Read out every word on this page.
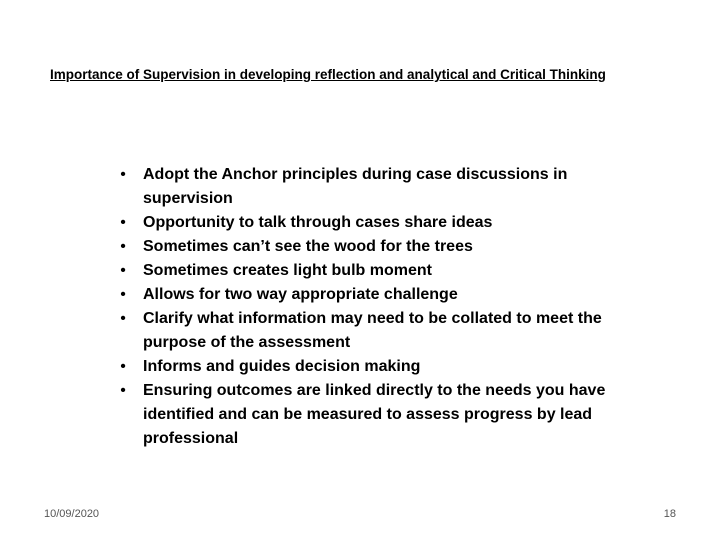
Importance of Supervision in developing reflection and analytical and Critical Thinking
• Adopt the Anchor principles during case discussions in supervision
• Opportunity to talk through cases share ideas
• Sometimes can’t see the wood for the trees
• Sometimes creates light bulb moment
• Allows for two way appropriate challenge
• Clarify what information may need to be collated to meet the purpose of the assessment
• Informs and guides decision making
• Ensuring outcomes are linked directly to the needs you have identified and can be measured to assess progress by lead professional
10/09/2020	18
